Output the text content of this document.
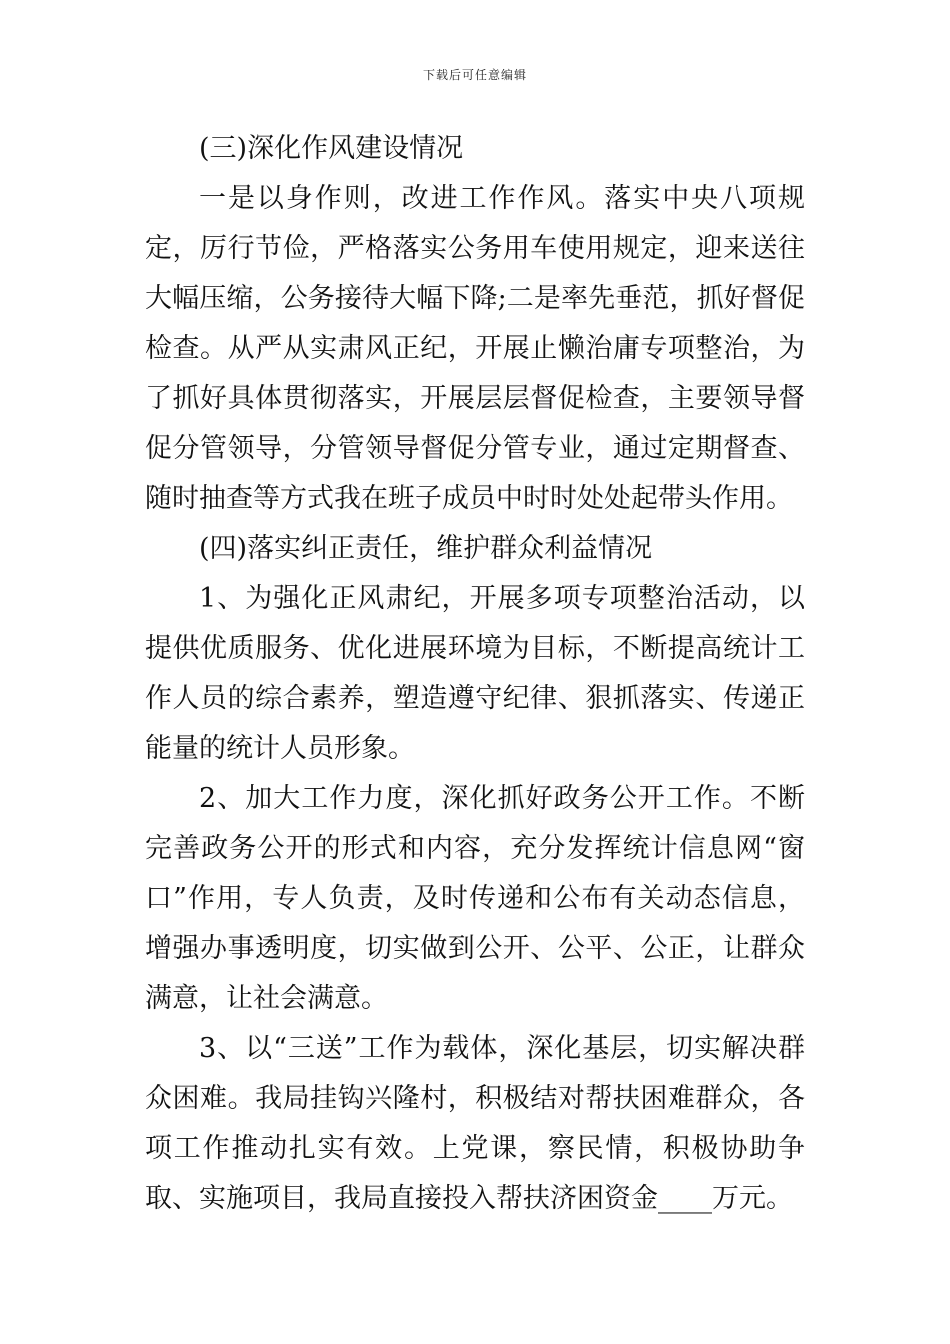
下载后可任意编辑

(三)深化作风建设情况

一是以身作则，改进工作作风。落实中央八项规定，厉行节俭，严格落实公务用车使用规定，迎来送往大幅压缩，公务接待大幅下降;二是率先垂范，抓好督促检查。从严从实肃风正纪，开展止懒治庸专项整治，为了抓好具体贯彻落实，开展层层督促检查，主要领导督促分管领导，分管领导督促分管专业，通过定期督查、随时抽查等方式我在班子成员中时时处处起带头作用。

(四)落实纠正责任，维护群众利益情况

1、为强化正风肃纪，开展多项专项整治活动，以提供优质服务、优化进展环境为目标，不断提高统计工作人员的综合素养，塑造遵守纪律、狠抓落实、传递正能量的统计人员形象。

2、加大工作力度，深化抓好政务公开工作。不断完善政务公开的形式和内容，充分发挥统计信息网“窗口”作用，专人负责，及时传递和公布有关动态信息，增强办事透明度，切实做到公开、公平、公正，让群众满意，让社会满意。

3、以“三送”工作为载体，深化基层，切实解决群众困难。我局挂钩兴隆村，积极结对帮扶困难群众，各项工作推动扎实有效。上党课，察民情，积极协助争取、实施项目，我局直接投入帮扶济困资金____万元。
